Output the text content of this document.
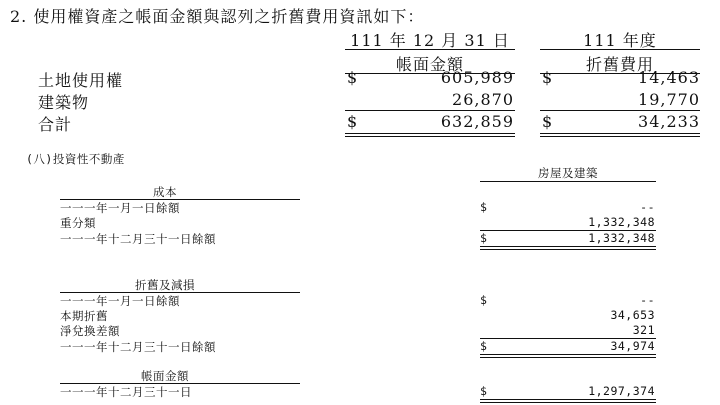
2. 使用權資產之帳面金額與認列之折舊費用資訊如下：
111 年 12 月 31 日
帳面金額
111 年度
折舊費用
土地使用權	$	605,989 $	14,463
建築物	26,870	19,770
合計	$	632,859 $	34,233
(八)投資性不動產
房屋及建築
成本
一一一年一月一日餘額	$	--
重分類	1,332,348
一一一年十二月三十一日餘額	$	1,332,348
折舊及減損
一一一年一月一日餘額	$	--
本期折舊	34,653
淨兌換差額	321
一一一年十二月三十一日餘額	$	34,974
帳面金額
一一一年十二月三十一日	$	1,297,374
